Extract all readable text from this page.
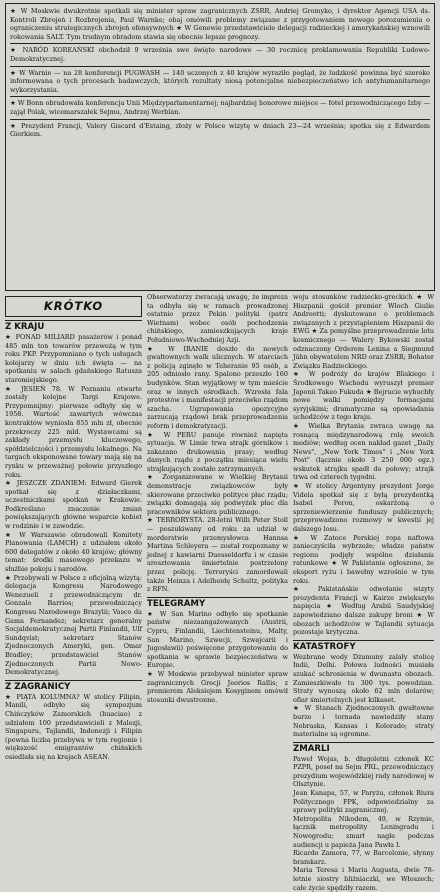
★ W Moskwie dwukrotnie spotkali się minister spraw zagranicznych ZSRR, Andriej Gromyko, i dyrektor Agencji USA ds. Kontroli Zbrojeń i Rozbrojenia, Paul Warnke; obaj omówili problemy związane z przygotowaniem nowego porozumienia o ograniczeniu strategicznych zbrojeń ofensywnych ★ W Genewie przedstawiciele delegacji radzieckiej i amerykańskiej wznowili rokowania SALT. Tym trudnym obradom stawia się obecnie lepsze prognozy.

★ NARÓD KOREAŃSKI obchodził 9 września swe święto narodowe — 30 rocznicę proklamowania Republiki Ludowo-Demokratycznej.

★ W Warnie — na 28 konferencji PUGWASH — 140 uczonych z 40 krajów wyraziło pogląd, że ludzkość powinna być szeroko informowana o tych procesach badawczych, których rezultaty niosą potencjalne niebezpieczeństwo ich antyhumanitarnego wykorzystania.

★ W Bonn obradowała konferencja Unii Międzyparlamentarnej; najbardziej honorowe miejsce — fotel przewodniczącego Izby — zajął Polak, wicemarszałek Sejmu, Andrzej Werblan.

★ Prezydent Francji, Valery Giscard d'Estaing, złoży w Polsce wizytę w dniach 23—24 września; spotka się z Edwardem Gierkiem.

KRÓTKO
Z KRAJU

★ PONAD MILIARD pasażerów i ponad 485 mln ton towarów przewożą w tym roku PKP. Przypomniano o tych usługach kolejarzy w dniu ich święta — na spotkaniu w salach gdańskiego Ratusza staromiejskiego.

★ JESIEŃ 78. W Poznaniu otwarte zostały kolejne Targi Krajowe. Przypomnijmy: pierwsze odbyły się w 1958. Wartość zawartych wówczas kontraktów wyniosła 855 mln zł, obecnie przekroczy 225 mld. Wystawcami są zakłady przemysłu kluczowego, spółdzielczości i przemysłu lokalnego. Na targach eksponowane towary mają się na rynku w przeważnej połowie przyszłego roku.

★ JESZCZE ZDANIEM: Edward Gierek spotkał się z działaczkami, uczestniczkami spotkań w Krakowie. Podkreślano znaczenie zmian powiększających główne wsparcie kobiet w rodzinie i w zawodzie.

★ W Warszawie obradowali Komitety Planowania (LAMCH) z udziałem około 600 delegatów z około 40 krajów; główny temat: środki masowego przekazu w służbie pokoju i narodów.

★ Przebywali w Polsce z oficjalną wizytą: delegacja Kongresu Narodowego Wenezueli z przewodniczącym dr. Gonzalo Barrios; przewodniczący Kongresu Narodowego Brazylii; Vasco da Gama Fernandez; sekretarz generalny Socjaldemokratycznej Partii Finlandii, Ulf Sundqvist; sekretarz Stanów Zjednoczonych Ameryki, gen. Omar Bradley; przedstawiciel Stanów Zjednoczonych Partii Nowo-Demokratycznej.

Z ZAGRANICY

★ PIĄTA KOLUMNA? W stolicy Filipin, Manili, odbyło się sympozjum Chińczyków Zamorskich (huaciao) z udziałem 100 przedstawicieli z Malezji, Singapuru, Tajlandii, Indonezji i Filipin (pewna liczba przebywa w tym regionie i większość emigrantów chińskich osiedlała się na krajach ASEAN.

Obserwatorzy zwracają uwagę, że impreza ta odbyła się w ramach prowadzonej ostatnio przez Pekin polityki (patrz Wietnam) wobec osób pochodzenia chińskiego, zamieszkujących kraje Południowo-Wschodniej Azji.

★ W IRANIE doszło do nowych gwałtownych walk ulicznych. W starciach z policją zginęło w Teheranie 95 osób, a 205 odniosło rany. Spalono przeszło 160 budynków. Stan wyjątkowy w tym mieście oraz w innych ośrodkach. Wzrosła fala protestów i manifestacji przeciwko rządom szacha. Ugrupowania opozycyjne zarzucają rządowi brak przeprowadzenia reform i demokratyzacji.

★ W PERU panuje również napięta sytuacja. W Limie trwa strajk górników i zakazano drukowania prasy; według danych rządu z początku miesiąca wielu strajkujących zostało zatrzymanych.

★ Zorganizowane w Wielkiej Brytanii demonstracje związkowców były skierowane przeciwko polityce płac rządu; związki domagają się podwyżek płac dla pracowników sektora publicznego.

★ TERRORYSTA. 28-letni Willi Peter Stoll — poszukiwany od roku za udział w morderstwie przemysłowca Hannsa Martina Schleyera — został rozpoznany w jednej z kawiarni Duesseldorfu i w czasie aresztowania śmiertelnie postrzelony przez policję. Terroryści zamordowali także Heinza i Adelheidę Schultz, polityka z RFN.

TELEGRAMY

★ W San Marino odbyło się spotkanie państw niezaangażowanych (Austrii, Cypru, Finlandii, Liechtensteinu, Malty, San Marino, Szwecji, Szwajcarii i Jugosławii) poświęcone przygotowaniu do spotkania w sprawie bezpieczeństwa w Europie.

★ W Moskwie przebywał minister spraw zagranicznych Grecji Jeorios Rallis; z premierem Aleksiejem Kosyginem omówił stosunki dwustronne.

woju stosunków radziecko-greckich ★ W Hiszpanii gościł premier Wloch Giulio Andreotti; dyskutowano o problemach związanych z przystąpieniem Hiszpanii do EWG ★ Za pomyślne przeprowadzenie lotu kosmicznego — Walery Bykowski został odznaczony Orderem Lenina a Siegmund Jähn obywatelem NRD oraz ZSRR; Bohater Związku Radzieckiego.

★ W podróży do krajów Bliskiego i Środkowego Wschodu wyruszył premier Japonii Takeo Fukuda ★ Bejrucie wybuchły nowe walki pomiędzy formacjami syryjskimi; dramatyczne są opowiadania uchodźców z tego kraju.

★ Wielka Brytania zwraca uwagę na rosnącą międzynarodową rolę swoich mediów; według ocen nakład gazet „Daily News", „New York Times" i „New York Post" (łącznie około 3 250 000 egz.) wskutek strajku spadł do połowy; strajk trwa od czterech tygodni.

★ W stolicy Argentyny prezydent Jorge Videla spotkał się z byłą prezydentką Isabel Peron, oskarżoną o sprzeniewierzenie funduszy publicznych; przeprowadzono rozmowy w kwestii jej dalszego losu.

★ W Zatoce Perskiej ropa naftowa zanieczyściła wybrzeże; władze państw regionu podjęły wspólne działania ratunkowe ★ W Pakistanie ogłoszono, że eksport ryżu i bawełny wzrośnie w tym roku.

★ Pakistańskie odwołanie wizyty prezydenta Francji w Kairze zwiększyło napięcia ★ Według Arabii Saudyjskiej zapowiedziano dalsze zakupy broni ★ W obozach uchodźców w Tajlandii sytuacja pozostaje krytyczna.

KATASTROFY

Wezbrane wody Dżamuny zalały stolicę Indii, Delhi. Połowa ludności musiała szukać schronienia w dwunastu obozach. Zamieszkiwało tu 300 tys. powodzian. Straty wynoszą około 62 mln dolarów; ofiar śmiertelnych jest kilkaset.

★ W Stanach Zjednoczonych gwałtowne burze i tornada nawiedziły stany Nebraska, Kansas i Kolorado; straty materialne są ogromne.

ZMARLI

Paweł Wojas, b. długoletni członek KC PZPR, poseł na Sejm PRL, przewodniczący prezydium wojewódzkiej rady narodowej w Olsztynie.

Jean Kanapa, 57, w Paryżu, członek Biura Politycznego FPK, odpowiedzialny za sprawy polityki zagranicznej.

Metropolita Nikodem, 49, w Rzymie, łącznik metropolity Leningradu i Nowogrodu; zmarł nagle podczas audiencji u papieża Jana Pawła I.

Ricardo Zamora, 77, w Barcelonie, słynny bramkarz.

Maria Teresa i Maria Augusta, dwie 78-letnie siostry bliźniaczki, we Włoszech; całe życie spędziły razem.
